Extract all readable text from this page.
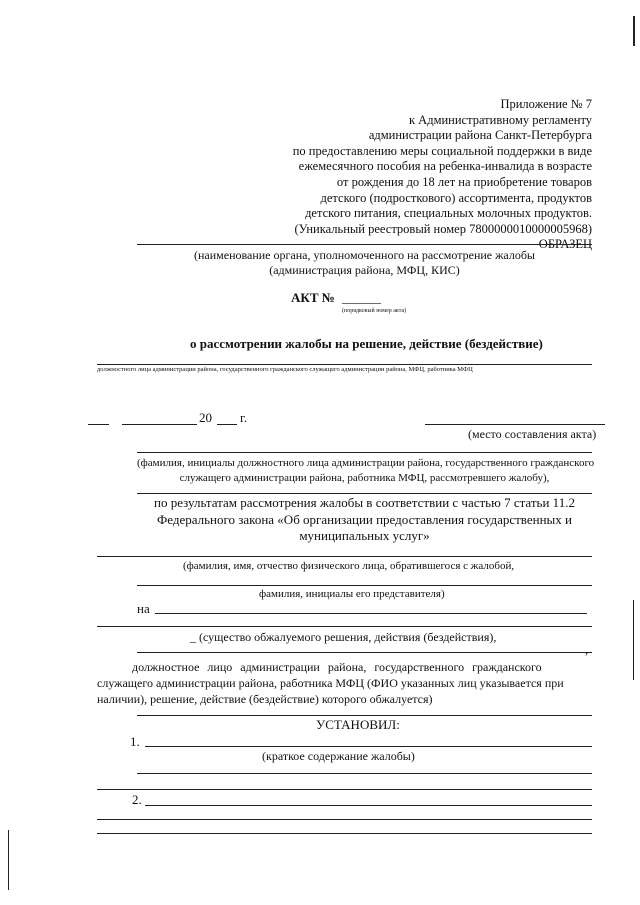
Приложение № 7
к Административному регламенту
администрации района Санкт-Петербурга
по предоставлению меры социальной поддержки в виде
ежемесячного пособия на ребенка-инвалида в возрасте
от рождения до 18 лет на приобретение товаров
детского (подросткового) ассортимента, продуктов
детского питания, специальных молочных продуктов.
(Уникальный реестровый номер 7800000010000005968)
ОБРАЗЕЦ
(наименование органа, уполномоченного на рассмотрение жалобы
(администрация района, МФЦ, КИС)
АКТ № ______
(порядковый номер акта)
о рассмотрении жалобы на решение, действие (бездействие)
должностного лица администрации района, государственного гражданского служащего администрации района, МФЦ, работника МФЦ
20 г.
(место составления акта)
(фамилия, инициалы должностного лица администрации района, государственного гражданского
служащего администрации района, работника МФЦ, рассмотревшего жалобу),
по результатам рассмотрения жалобы в соответствии с частью 7 статьи 11.2
Федерального закона «Об организации предоставления государственных и
муниципальных услуг»
(фамилия, имя, отчество физического лица, обратившегося с жалобой,
фамилия, инициалы его представителя)
на
_ (существо обжалуемого решения, действия (бездействия),
,
должностное лицо администрации района, государственного гражданского
служащего администрации района, работника МФЦ (ФИО указанных лиц указывается при
наличии), решение, действие (бездействие) которого обжалуется)
УСТАНОВИЛ:
1.
(краткое содержание жалобы)
2.
